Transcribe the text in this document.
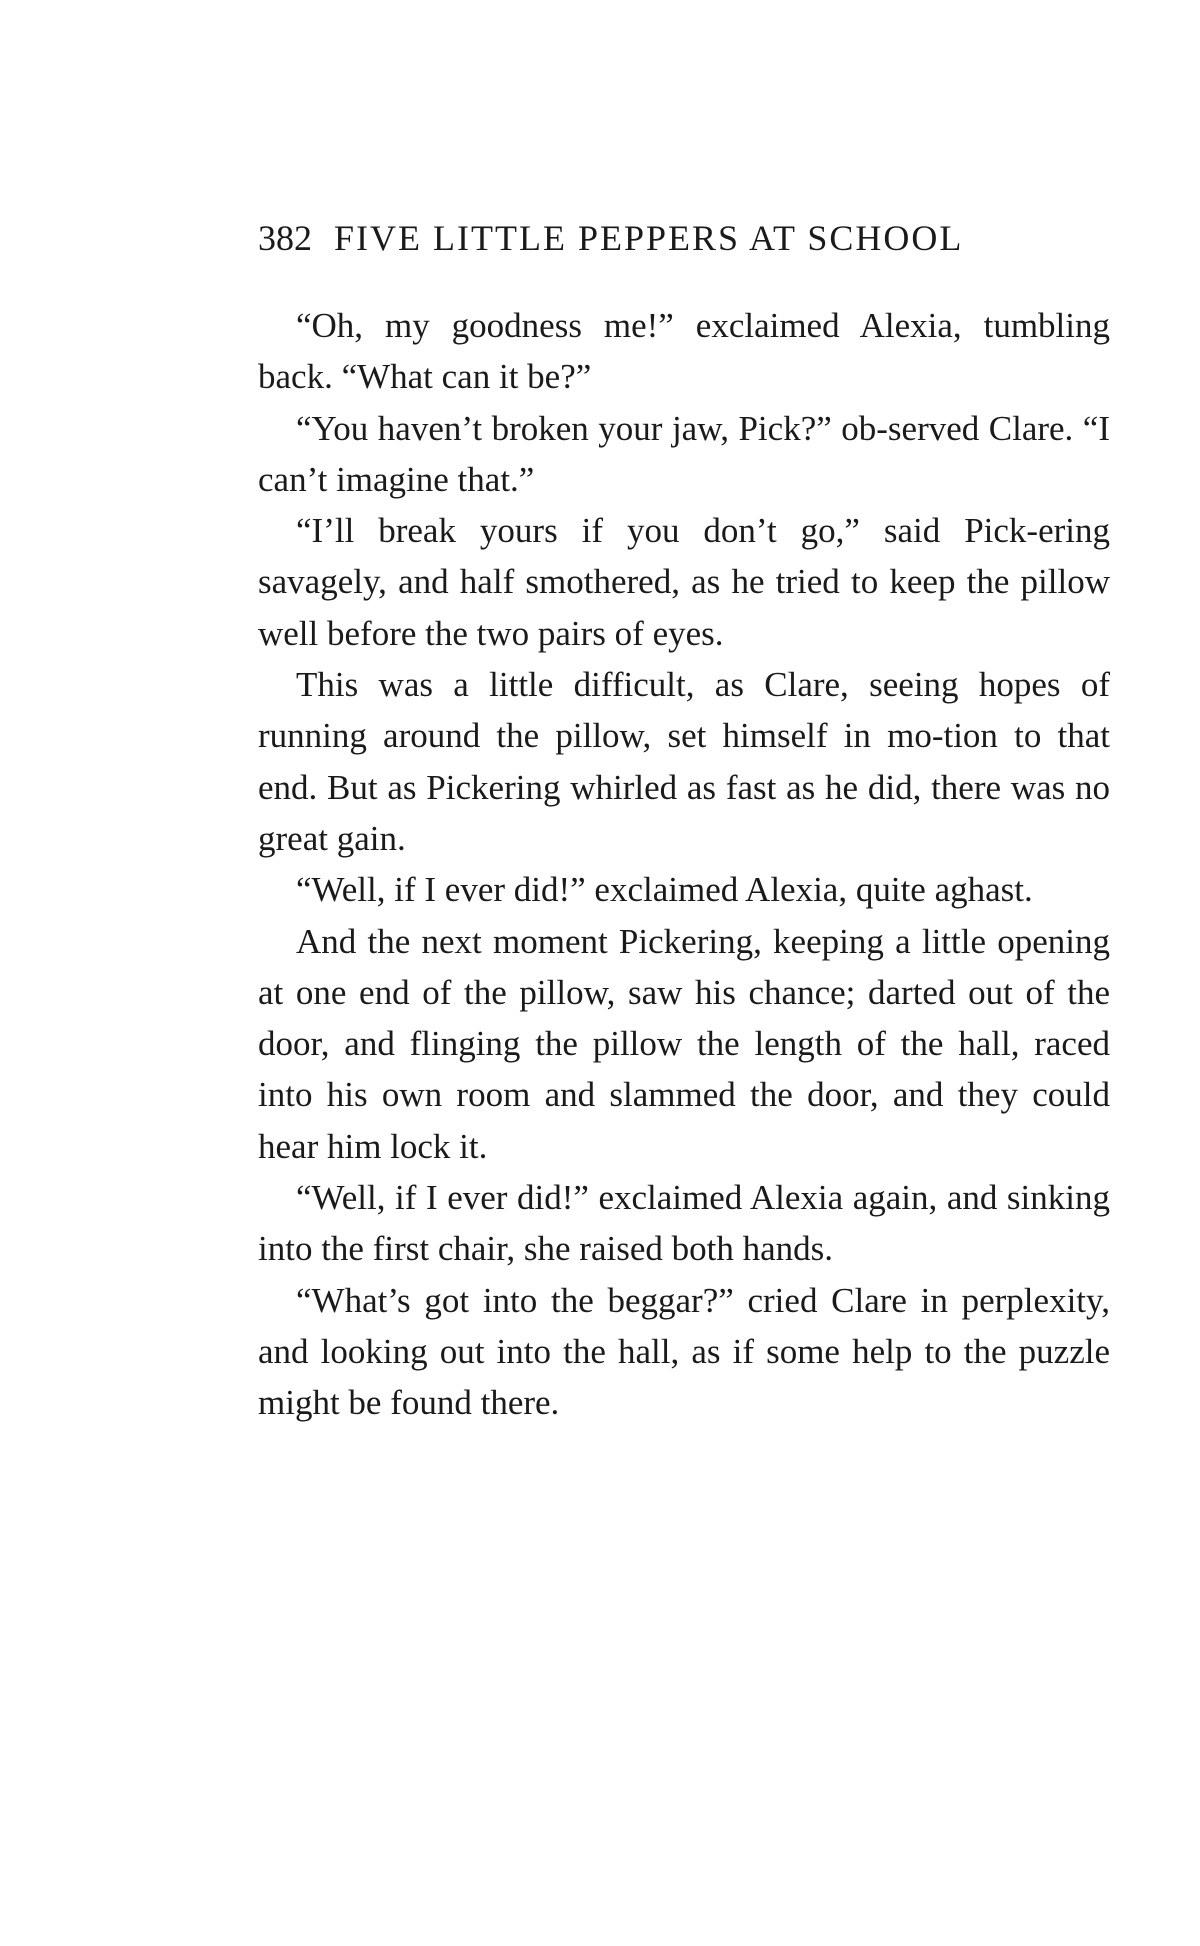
382 FIVE LITTLE PEPPERS AT SCHOOL

“Oh, my goodness me!” exclaimed Alexia, tumbling back. “What can it be?”

“You haven’t broken your jaw, Pick?” ob-served Clare. “I can’t imagine that.”

“I’ll break yours if you don’t go,” said Pick-ering savagely, and half smothered, as he tried to keep the pillow well before the two pairs of eyes.

This was a little difficult, as Clare, seeing hopes of running around the pillow, set himself in mo-tion to that end. But as Pickering whirled as fast as he did, there was no great gain.

“Well, if I ever did!” exclaimed Alexia, quite aghast.

And the next moment Pickering, keeping a little opening at one end of the pillow, saw his chance; darted out of the door, and flinging the pillow the length of the hall, raced into his own room and slammed the door, and they could hear him lock it.

“Well, if I ever did!” exclaimed Alexia again, and sinking into the first chair, she raised both hands.

“What’s got into the beggar?” cried Clare in perplexity, and looking out into the hall, as if some help to the puzzle might be found there.
